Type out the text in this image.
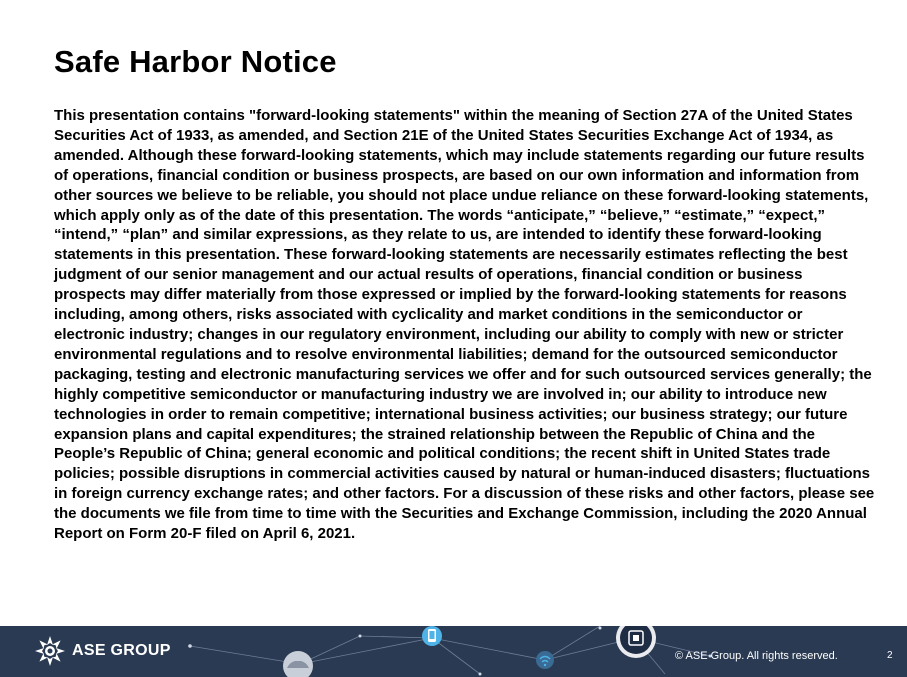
Safe Harbor Notice

This presentation contains "forward-looking statements" within the meaning of Section 27A of the United States Securities Act of 1933, as amended, and Section 21E of the United States Securities Exchange Act of 1934, as amended. Although these forward-looking statements, which may include statements regarding our future results of operations, financial condition or business prospects, are based on our own information and information from other sources we believe to be reliable, you should not place undue reliance on these forward-looking statements, which apply only as of the date of this presentation. The words “anticipate,” “believe,” “estimate,” “expect,” “intend,” “plan” and similar expressions, as they relate to us, are intended to identify these forward-looking statements in this presentation. These forward-looking statements are necessarily estimates reflecting the best judgment of our senior management and our actual results of operations, financial condition or business prospects may differ materially from those expressed or implied by the forward-looking statements for reasons including, among others, risks associated with cyclicality and market conditions in the semiconductor or electronic industry; changes in our regulatory environment, including our ability to comply with new or stricter environmental regulations and to resolve environmental liabilities; demand for the outsourced semiconductor packaging, testing and electronic manufacturing services we offer and for such outsourced services generally; the highly competitive semiconductor or manufacturing industry we are involved in; our ability to introduce new technologies in order to remain competitive; international business activities; our business strategy; our future expansion plans and capital expenditures; the strained relationship between the Republic of China and the People’s Republic of China; general economic and political conditions; the recent shift in United States trade policies; possible disruptions in commercial activities caused by natural or human-induced disasters; fluctuations in foreign currency exchange rates; and other factors. For a discussion of these risks and other factors, please see the documents we file from time to time with the Securities and Exchange Commission, including the 2020 Annual Report on Form 20-F filed on April 6, 2021.

ASE GROUP	© ASE Group. All rights reserved.	2
